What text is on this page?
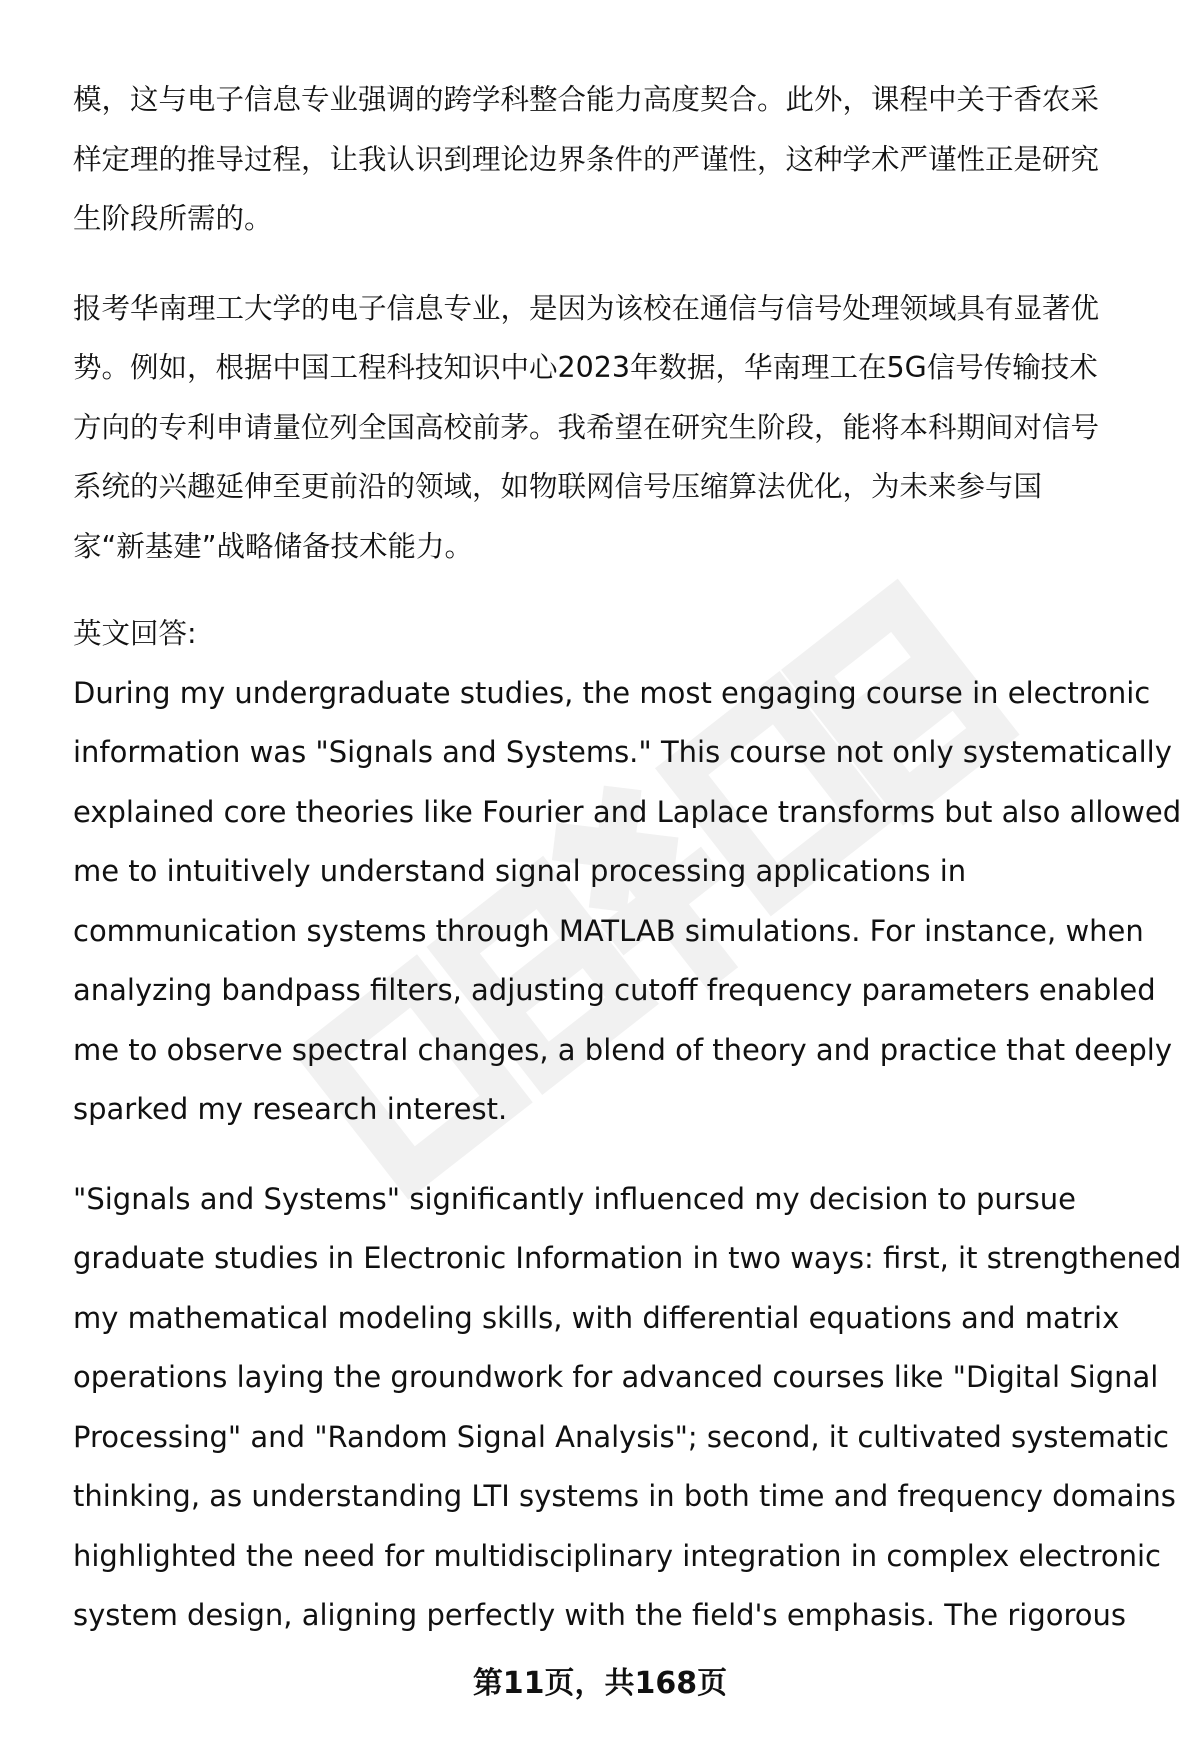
模，这与电子信息专业强调的跨学科整合能力高度契合。此外，课程中关于香农采
样定理的推导过程，让我认识到理论边界条件的严谨性，这种学术严谨性正是研究
生阶段所需的。
报考华南理工大学的电子信息专业，是因为该校在通信与信号处理领域具有显著优
势。例如，根据中国工程科技知识中心2023年数据，华南理工在5G信号传输技术
方向的专利申请量位列全国高校前茅。我希望在研究生阶段，能将本科期间对信号
系统的兴趣延伸至更前沿的领域，如物联网信号压缩算法优化，为未来参与国
家“新基建”战略储备技术能力。
英文回答:
During my undergraduate studies, the most engaging course in electronic
information was "Signals and Systems." This course not only systematically
explained core theories like Fourier and Laplace transforms but also allowed
me to intuitively understand signal processing applications in
communication systems through MATLAB simulations. For instance, when
analyzing bandpass filters, adjusting cutoff frequency parameters enabled
me to observe spectral changes, a blend of theory and practice that deeply
sparked my research interest.
"Signals and Systems" significantly influenced my decision to pursue
graduate studies in Electronic Information in two ways: first, it strengthened
my mathematical modeling skills, with differential equations and matrix
operations laying the groundwork for advanced courses like "Digital Signal
Processing" and "Random Signal Analysis"; second, it cultivated systematic
thinking, as understanding LTI systems in both time and frequency domains
highlighted the need for multidisciplinary integration in complex electronic
system design, aligning perfectly with the field's emphasis. The rigorous
第11页，共168页
